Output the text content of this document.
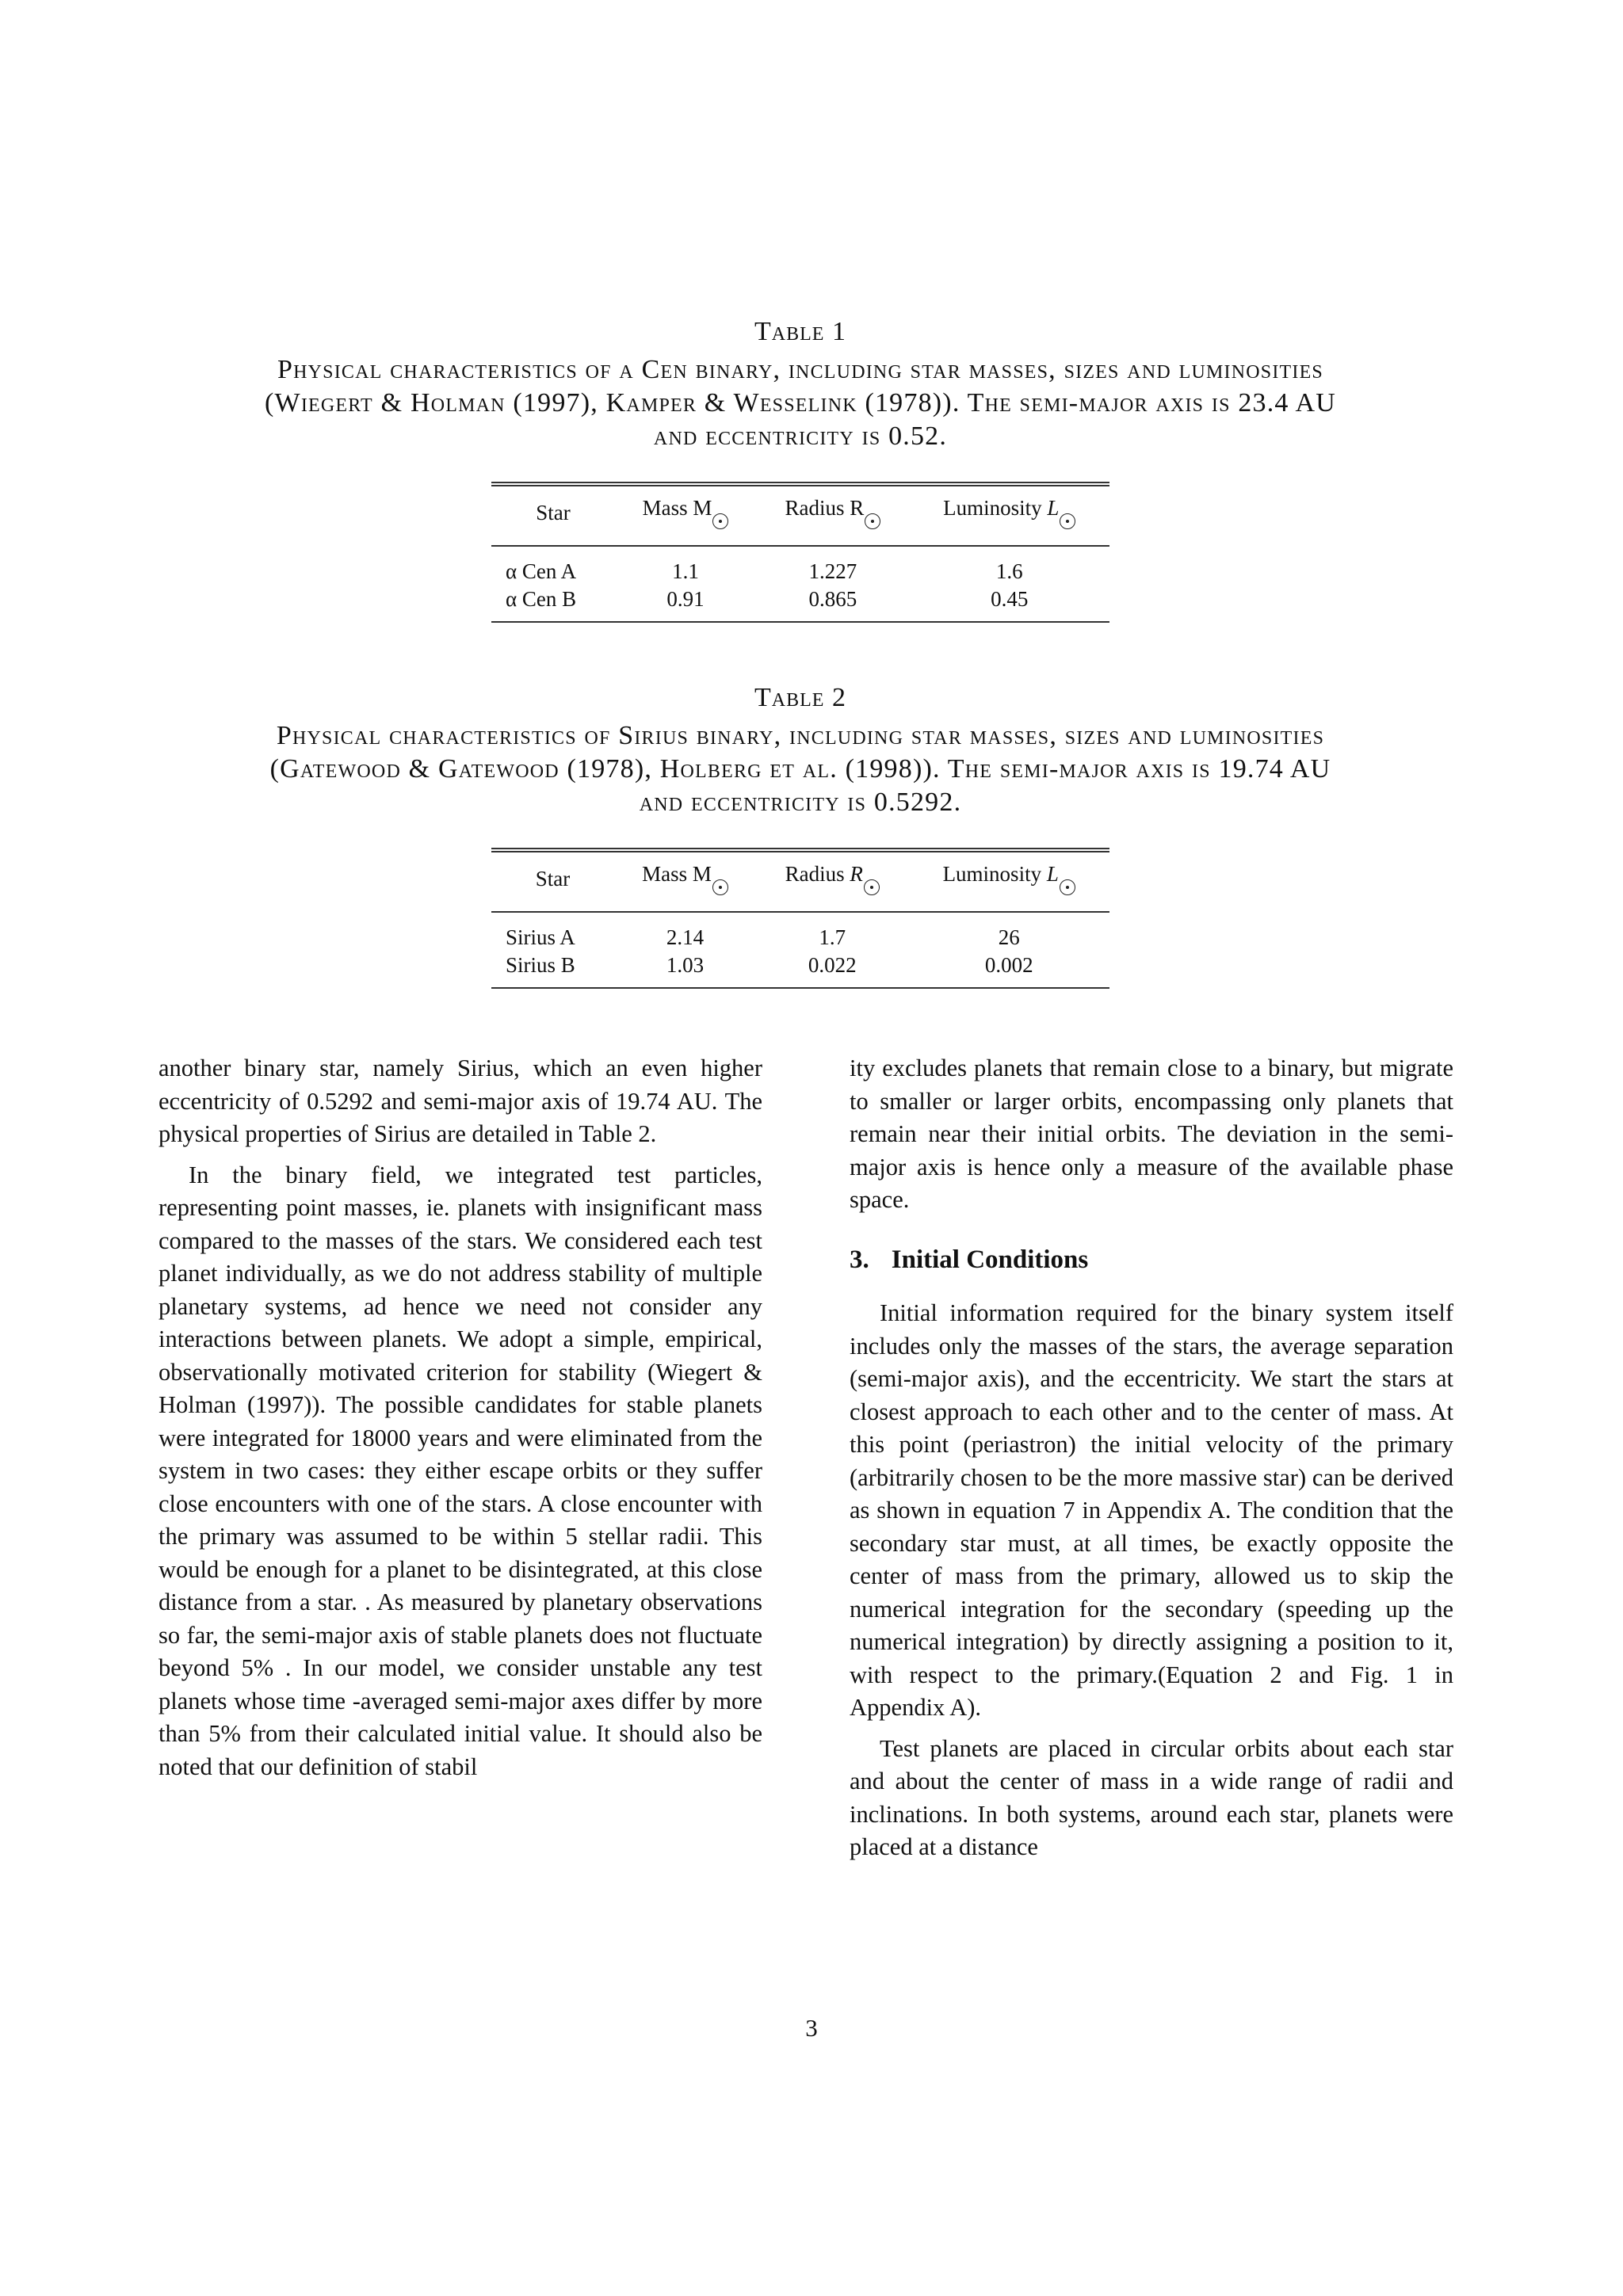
Table 1
Physical characteristics of α Cen binary, including star masses, sizes and luminosities
(Wiegert & Holman (1997), Kamper & Wesselink (1978)). The semi-major axis is 23.4 AU
and eccentricity is 0.52.
Star	Mass M	Radius R	Luminosity L
α Cen A	1.1	1.227	1.6
α Cen B	0.91	0.865	0.45
Table 2
Physical characteristics of Sirius binary, including star masses, sizes and luminosities
(Gatewood & Gatewood (1978), Holberg et al. (1998)). The semi-major axis is 19.74 AU
and eccentricity is 0.5292.
Star	Mass M	Radius R	Luminosity L
Sirius A	2.14	1.7	26
Sirius B	1.03	0.022	0.002

another binary star, namely Sirius, which an even higher eccentricity of 0.5292 and semi-major axis of 19.74 AU. The physical properties of Sirius are detailed in Table 2.

In the binary field, we integrated test particles, representing point masses, ie. planets with insignificant mass compared to the masses of the stars. We considered each test planet individually, as we do not address stability of multiple planetary systems, ad hence we need not consider any interactions between planets. We adopt a simple, empirical, observationally motivated criterion for stability (Wiegert & Holman (1997)). The possible candidates for stable planets were integrated for 18000 years and were eliminated from the system in two cases: they either escape orbits or they suffer close encounters with one of the stars. A close encounter with the primary was assumed to be within 5 stellar radii. This would be enough for a planet to be disintegrated, at this close distance from a star. . As measured by planetary observations so far, the semi-major axis of stable planets does not fluctuate beyond 5% . In our model, we consider unstable any test planets whose time -averaged semi-major axes differ by more than 5% from their calculated initial value. It should also be noted that our definition of stabil

ity excludes planets that remain close to a binary, but migrate to smaller or larger orbits, encompassing only planets that remain near their initial orbits. The deviation in the semi-major axis is hence only a measure of the available phase space.

3. Initial Conditions

Initial information required for the binary system itself includes only the masses of the stars, the average separation (semi-major axis), and the eccentricity. We start the stars at closest approach to each other and to the center of mass. At this point (periastron) the initial velocity of the primary (arbitrarily chosen to be the more massive star) can be derived as shown in equation 7 in Appendix A. The condition that the secondary star must, at all times, be exactly opposite the center of mass from the primary, allowed us to skip the numerical integration for the secondary (speeding up the numerical integration) by directly assigning a position to it, with respect to the primary.(Equation 2 and Fig. 1 in Appendix A).

Test planets are placed in circular orbits about each star and about the center of mass in a wide range of radii and inclinations. In both systems, around each star, planets were placed at a distance

3
